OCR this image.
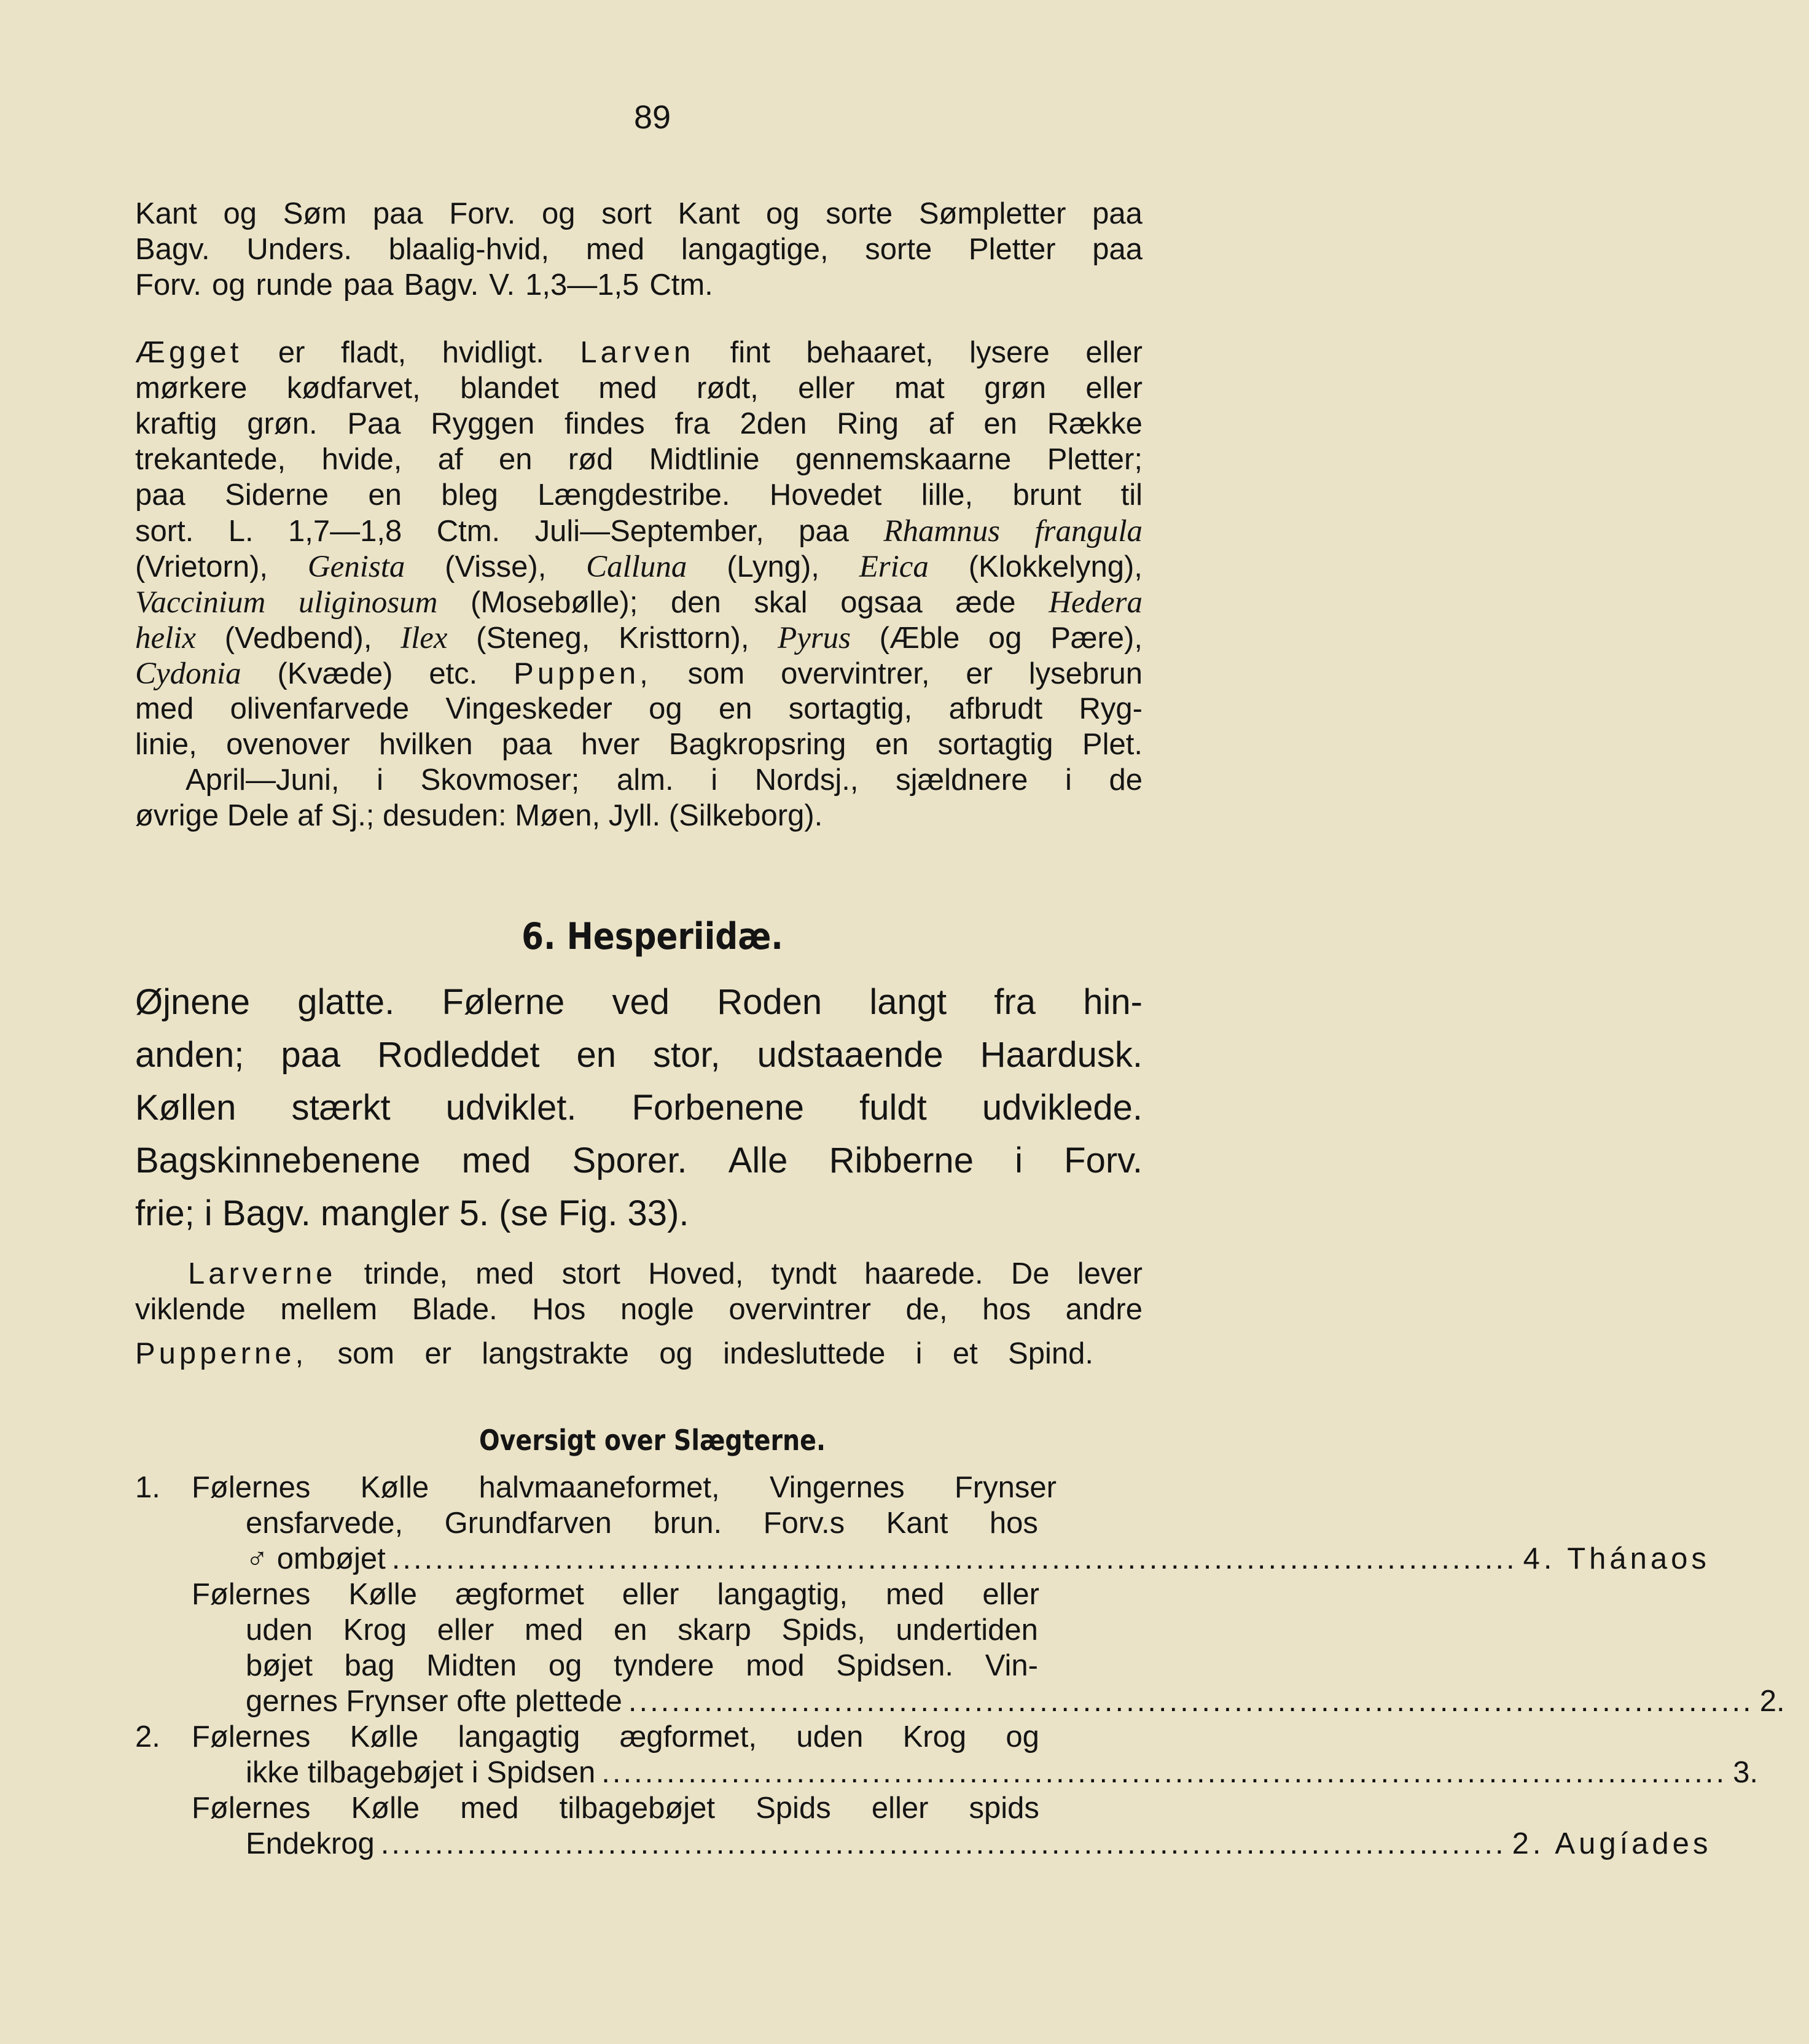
89
Kant og Søm paa Forv. og sort Kant og sorte Sømpletter paa
Bagv. Unders. blaalig-hvid, med langagtige, sorte Pletter paa
Forv. og runde paa Bagv. V. 1,3—1,5 Ctm.
Ægget er fladt, hvidligt. Larven fint behaaret, lysere eller
mørkere kødfarvet, blandet med rødt, eller mat grøn eller
kraftig grøn. Paa Ryggen findes fra 2den Ring af en Række
trekantede, hvide, af en rød Midtlinie gennemskaarne Pletter;
paa Siderne en bleg Længdestribe. Hovedet lille, brunt til
sort. L. 1,7—1,8 Ctm. Juli—September, paa Rhamnus frangula
(Vrietorn), Genista (Visse), Calluna (Lyng), Erica (Klokkelyng),
Vaccinium uliginosum (Mosebølle); den skal ogsaa æde Hedera
helix (Vedbend), Ilex (Steneg, Kristtorn), Pyrus (Æble og Pære),
Cydonia (Kvæde) etc. Puppen, som overvintrer, er lysebrun
med olivenfarvede Vingeskeder og en sortagtig, afbrudt Ryg-
linie, ovenover hvilken paa hver Bagkropsring en sortagtig Plet.
April—Juni, i Skovmoser; alm. i Nordsj., sjældnere i de
øvrige Dele af Sj.; desuden: Møen, Jyll. (Silkeborg).
6. Hesperiidæ.
Øjnene glatte. Følerne ved Roden langt fra hin-
anden; paa Rodleddet en stor, udstaaende Haardusk.
Køllen stærkt udviklet. Forbenene fuldt udviklede.
Bagskinnebenene med Sporer. Alle Ribberne i Forv.
frie; i Bagv. mangler 5. (se Fig. 33).
Larverne trinde, med stort Hoved, tyndt haarede. De lever
viklende mellem Blade. Hos nogle overvintrer de, hos andre
Pupperne, som er langstrakte og indesluttede i et Spind.
Oversigt over Slægterne.
1.	Følernes Kølle halvmaaneformet, Vingernes Frynser
ensfarvede, Grundfarven brun. Forv.s Kant hos
♂ ombøjet ........................................................................................................ 4. Thánaos
Følernes Kølle ægformet eller langagtig, med eller
uden Krog eller med en skarp Spids, undertiden
bøjet bag Midten og tyndere mod Spidsen. Vin-
gernes Frynser ofte plettede ........................................................................................................ 2.
2.	Følernes Kølle langagtig ægformet, uden Krog og
ikke tilbagebøjet i Spidsen ........................................................................................................ 3.
Følernes Kølle med tilbagebøjet Spids eller spids
Endekrog ........................................................................................................ 2. Augíades
